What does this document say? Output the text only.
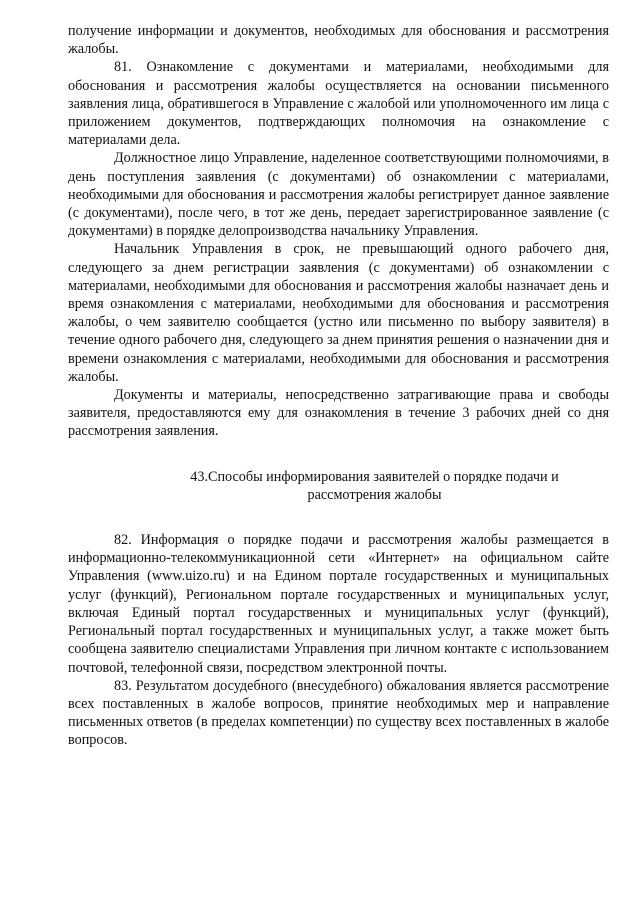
получение информации и документов, необходимых для обоснования и рассмотрения жалобы.

81. Ознакомление с документами и материалами, необходимыми для обоснования и рассмотрения жалобы осуществляется на основании письменного заявления лица, обратившегося в Управление с жалобой или уполномоченного им лица с приложением документов, подтверждающих полномочия на ознакомление с материалами дела.

Должностное лицо Управление, наделенное соответствующими полномочиями, в день поступления заявления (с документами) об ознакомлении с материалами, необходимыми для обоснования и рассмотрения жалобы регистрирует данное заявление (с документами), после чего, в тот же день, передает зарегистрированное заявление (с документами) в порядке делопроизводства начальнику Управления.

Начальник Управления в срок, не превышающий одного рабочего дня, следующего за днем регистрации заявления (с документами) об ознакомлении с материалами, необходимыми для обоснования и рассмотрения жалобы назначает день и время ознакомления с материалами, необходимыми для обоснования и рассмотрения жалобы, о чем заявителю сообщается (устно или письменно по выбору заявителя) в течение одного рабочего дня, следующего за днем принятия решения о назначении дня и времени ознакомления с материалами, необходимыми для обоснования и рассмотрения жалобы.

Документы и материалы, непосредственно затрагивающие права и свободы заявителя, предоставляются ему для ознакомления в течение 3 рабочих дней со дня рассмотрения заявления.

43.Способы информирования заявителей о порядке подачи и
рассмотрения жалобы

82. Информация о порядке подачи и рассмотрения жалобы размещается в информационно-телекоммуникационной сети «Интернет» на официальном сайте Управления (www.uizo.ru) и на Едином портале государственных и муниципальных услуг (функций), Региональном портале государственных и муниципальных услуг, включая Единый портал государственных и муниципальных услуг (функций), Региональный портал государственных и муниципальных услуг, а также может быть сообщена заявителю специалистами Управления при личном контакте с использованием почтовой, телефонной связи, посредством электронной почты.

83. Результатом досудебного (внесудебного) обжалования является рассмотрение всех поставленных в жалобе вопросов, принятие необходимых мер и направление письменных ответов (в пределах компетенции) по существу всех поставленных в жалобе вопросов.
